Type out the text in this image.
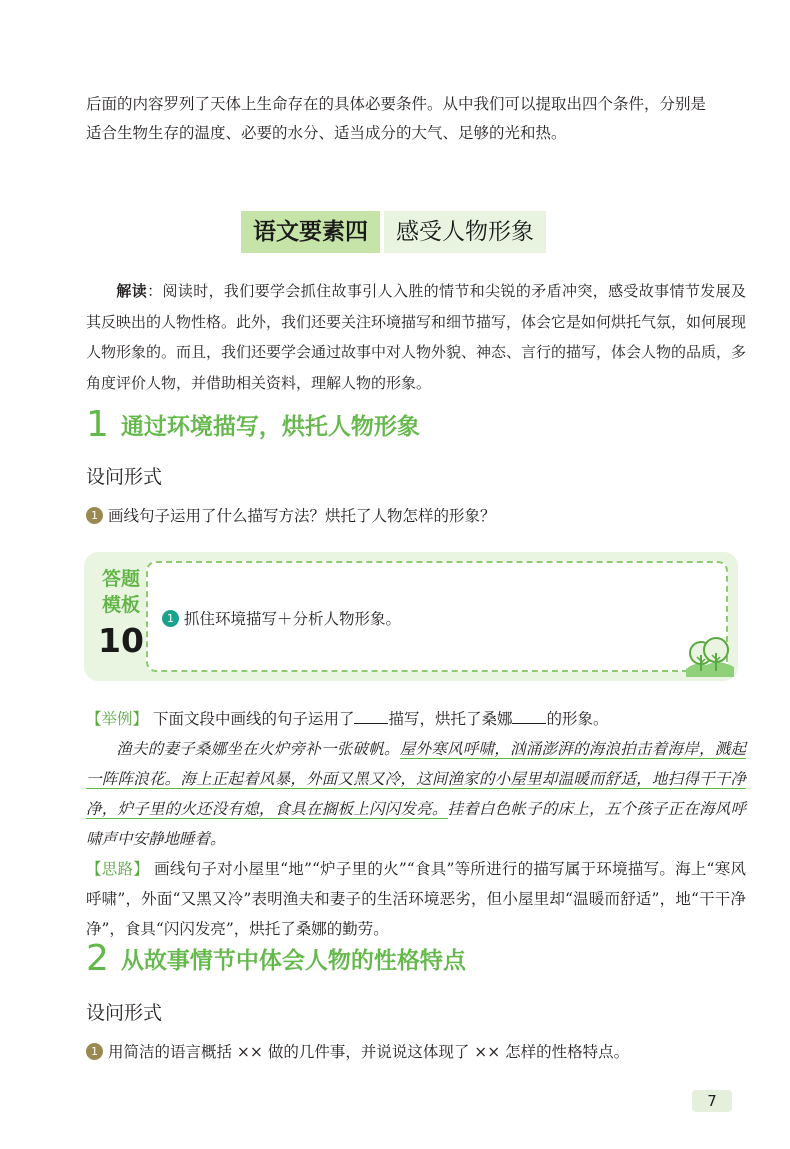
后面的内容罗列了天体上生命存在的具体必要条件。从中我们可以提取出四个条件，分别是
适合生物生存的温度、必要的水分、适当成分的大气、足够的光和热。
语文要素四	感受人物形象
解读：阅读时，我们要学会抓住故事引人入胜的情节和尖锐的矛盾冲突，感受故事情节发展及其反映出的人物性格。此外，我们还要关注环境描写和细节描写，体会它是如何烘托气氛，如何展现人物形象的。而且，我们还要学会通过故事中对人物外貌、神态、言行的描写，体会人物的品质，多角度评价人物，并借助相关资料，理解人物的形象。
1 通过环境描写，烘托人物形象
设问形式
1 画线句子运用了什么描写方法？烘托了人物怎样的形象？
答题
模板
10
1 抓住环境描写＋分析人物形象。
【举例】 下面文段中画线的句子运用了 描写，烘托了桑娜 的形象。
渔夫的妻子桑娜坐在火炉旁补一张破帆。屋外寒风呼啸，汹涌澎湃的海浪拍击着海岸，溅起一阵阵浪花。海上正起着风暴，外面又黑又冷，这间渔家的小屋里却温暖而舒适，地扫得干干净净，炉子里的火还没有熄，食具在搁板上闪闪发亮。挂着白色帐子的床上，五个孩子正在海风呼啸声中安静地睡着。
【思路】 画线句子对小屋里“地”“炉子里的火”“食具”等所进行的描写属于环境描写。海上“寒风呼啸”，外面“又黑又冷”表明渔夫和妻子的生活环境恶劣，但小屋里却“温暖而舒适”，地“干干净净”，食具“闪闪发亮”，烘托了桑娜的勤劳。
2 从故事情节中体会人物的性格特点
设问形式
1 用简洁的语言概括 ×× 做的几件事，并说说这体现了 ×× 怎样的性格特点。
7
